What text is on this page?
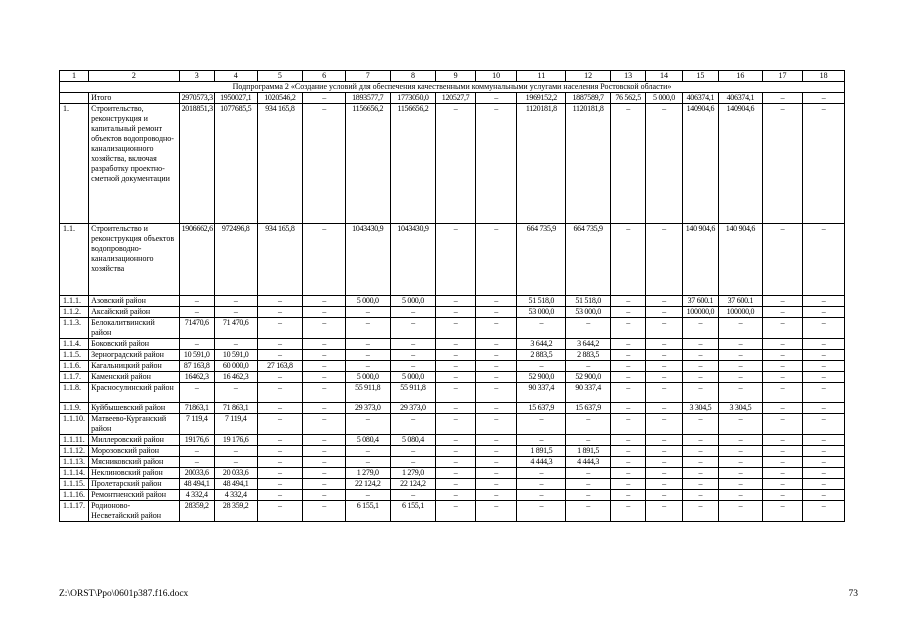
1	2	3	4	5	6	7	8	9	10	11	12	13	14	15	16	17	18
Подпрограмма 2 «Создание условий для обеспечения качественными коммунальными услугами населения Ростовской области»																	
	Итого	2970573,3	1950027,1	1020546,2	–	1893577,7	1773050,0	120527,7	–	1969152,2	1887589,7	76 562,5	5 000,0	406374,1	406374,1	–	–
1.	Строительство, реконструкция и капитальный ремонт объектов водопроводно-канализационного хозяйства, включая разработку проектно-сметной документации	2018851,3	1077685,5	934 165,8	–	1156656,2	1156656,2	–	–	1120181,8	1120181,8	–	–	140904,6	140904,6	–	–
1.1.	Строительство и реконструкция объектов водопроводно-канализационного хозяйства	1906662,6	972496,8	934 165,8	–	1043430,9	1043430,9	–	–	664 735,9	664 735,9	–	–	140 904,6	140 904,6	–	–
1.1.1.	Азовский район	–	–	–	–	5 000,0	5 000,0	–	–	51 518,0	51 518,0	–	–	37 600.1	37 600.1	–	–
1.1.2.	Аксайский район	–	–	–	–	–	–	–	–	53 000,0	53 000,0	–	–	100000,0	100000,0	–	–
1.1.3.	Белокалитвинский район	71470,6	71 470,6	–	–	–	–	–	–	–	–	–	–	–	–	–	–
1.1.4.	Боковский район	–	–	–	–	–	–	–	–	3 644,2	3 644,2	–	–	–	–	–	–
1.1.5.	Зерноградский район	10 591,0	10 591,0	–	–	–	–	–	–	2 883,5	2 883,5	–	–	–	–	–	–
1.1.6.	Кагальницкий район	87 163,8	60 000,0	27 163,8	–	–	–	–	–	–	–	–	–	–	–	–	–
1.1.7.	Каменский район	16462,3	16 462,3	–	–	5 000,0	5 000,0	–	–	52 900,0	52 900,0	–	–	–	–	–	–
1.1.8.	Красносулинский район	–	–	–	–	55 911,8	55 911,8	–	–	90 337,4	90 337,4	–	–	–	–	–	–
1.1.9.	Куйбышевский район	71863,1	71 863,1	–	–	29 373,0	29 373,0	–	–	15 637,9	15 637,9	–	–	3 304,5	3 304,5	–	–
1.1.10.	Матвеево-Курганский район	7 119,4	7 119,4	–	–	–	–	–	–	–	–	–	–	–	–	–	–
1.1.11.	Миллеровский район	19176,6	19 176,6	–	–	5 080,4	5 080,4	–	–	–	–	–	–	–	–	–	–
1.1.12.	Морозовский район	–	–	–	–	–	–	–	–	1 891,5	1 891,5	–	–	–	–	–	–
1.1.13.	Мясниковский район	–	–	–	–	–	–	–	–	4 444,3	4 444,3	–	–	–	–	–	–
1.1.14.	Неклиновский район	20033,6	20 033,6	–	–	1 279,0	1 279,0	–	–	–	–	–	–	–	–	–	–
1.1.15.	Пролетарский район	48 494,1	48 494,1	–	–	22 124,2	22 124,2	–	–	–	–	–	–	–	–	–	–
1.1.16.	Ремонтненский район	4 332,4	4 332,4	–	–	–	–	–	–	–	–	–	–	–	–	–	–
1.1.17.	Родионово-Несветайский район	28359,2	28 359,2	–	–	6 155,1	6 155,1	–	–	–	–	–	–	–	–	–	–
Z:\ORST\Ppo\0601p387.f16.docx	73
